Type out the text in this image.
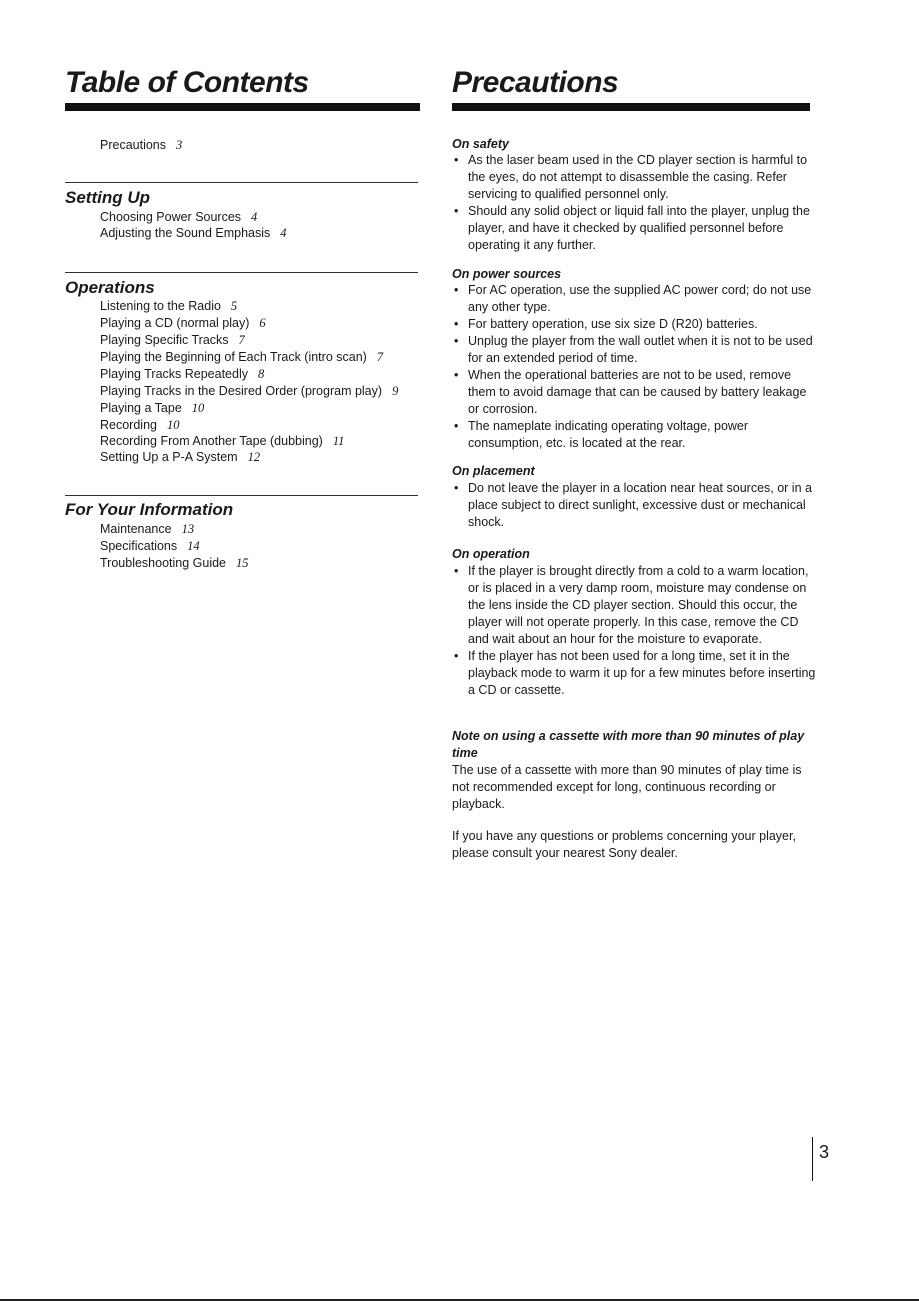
Table of Contents
Precautions 3
Setting Up
Choosing Power Sources 4
Adjusting the Sound Emphasis 4
Operations
Listening to the Radio 5
Playing a CD (normal play) 6
Playing Specific Tracks 7
Playing the Beginning of Each Track (intro scan) 7
Playing Tracks Repeatedly 8
Playing Tracks in the Desired Order (program play) 9
Playing a Tape 10
Recording 10
Recording From Another Tape (dubbing) 11
Setting Up a P-A System 12
For Your Information
Maintenance 13
Specifications 14
Troubleshooting Guide 15
Precautions
On safety
• As the laser beam used in the CD player section is harmful to the eyes, do not attempt to disassemble the casing. Refer servicing to qualified personnel only.
• Should any solid object or liquid fall into the player, unplug the player, and have it checked by qualified personnel before operating it any further.
On power sources
• For AC operation, use the supplied AC power cord; do not use any other type.
• For battery operation, use six size D (R20) batteries.
• Unplug the player from the wall outlet when it is not to be used for an extended period of time.
• When the operational batteries are not to be used, remove them to avoid damage that can be caused by battery leakage or corrosion.
• The nameplate indicating operating voltage, power consumption, etc. is located at the rear.
On placement
• Do not leave the player in a location near heat sources, or in a place subject to direct sunlight, excessive dust or mechanical shock.
On operation
• If the player is brought directly from a cold to a warm location, or is placed in a very damp room, moisture may condense on the lens inside the CD player section. Should this occur, the player will not operate properly. In this case, remove the CD and wait about an hour for the moisture to evaporate.
• If the player has not been used for a long time, set it in the playback mode to warm it up for a few minutes before inserting a CD or cassette.
Note on using a cassette with more than 90 minutes of play time

The use of a cassette with more than 90 minutes of play time is not recommended except for long, continuous recording or playback.

If you have any questions or problems concerning your player, please consult your nearest Sony dealer.

3
